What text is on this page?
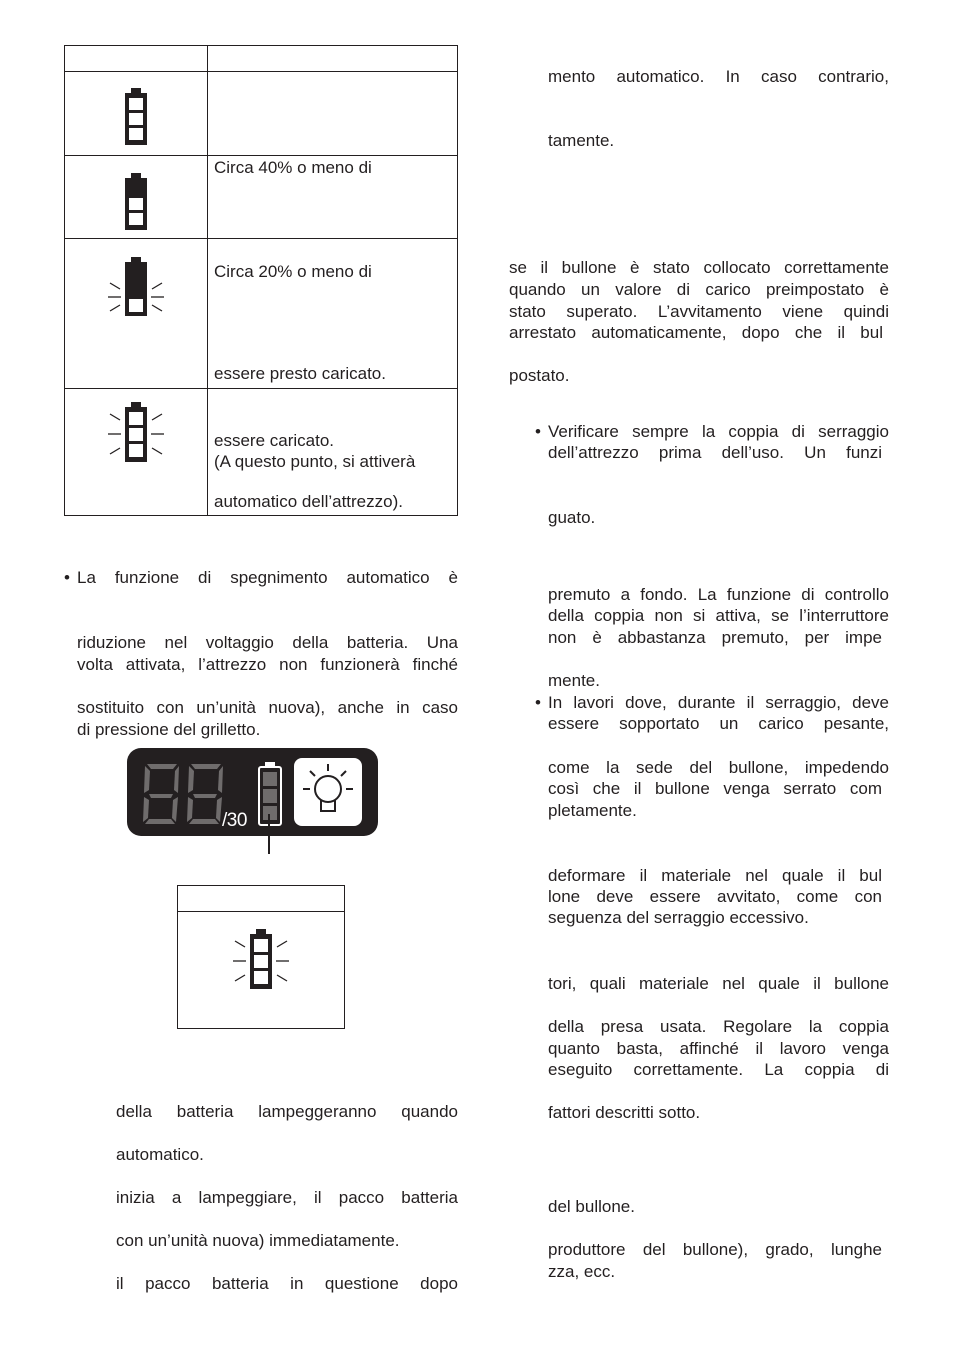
Circa 40% o meno di
Circa 20% o meno di
essere presto caricato.
essere caricato.
(A questo punto, si attiverà
automatico dell’attrezzo).
• La funzione di spegnimento automatico è
riduzione nel voltaggio della batteria. Una
volta attivata, l’attrezzo non funzionerà finché
sostituito con un’unità nuova), anche in caso
di pressione del grilletto.
/30
della batteria lampeggeranno quando
automatico.
inizia a lampeggiare, il pacco batteria
con un’unità nuova) immediatamente.
il pacco batteria in questione dopo
mento automatico. In caso contrario,
tamente.
se il bullone è stato collocato correttamente
quando un valore di carico preimpostato è
stato superato. L’avvitamento viene quindi
arrestato automaticamente, dopo che il bul
postato.
• Verificare sempre la coppia di serraggio
dell’attrezzo prima dell’uso. Un funzi
guato.
premuto a fondo. La funzione di controllo
della coppia non si attiva, se l’interruttore
non è abbastanza premuto, per impe
mente.
• In lavori dove, durante il serraggio, deve
essere sopportato un carico pesante,
come la sede del bullone, impedendo
così che il bullone venga serrato com
pletamente.
deformare il materiale nel quale il bul
lone deve essere avvitato, come con
seguenza del serraggio eccessivo.
tori, quali materiale nel quale il bullone
della presa usata. Regolare la coppia
quanto basta, affinché il lavoro venga
eseguito correttamente. La coppia di
fattori descritti sotto.
del bullone.
produttore del bullone), grado, lunghe
zza, ecc.
